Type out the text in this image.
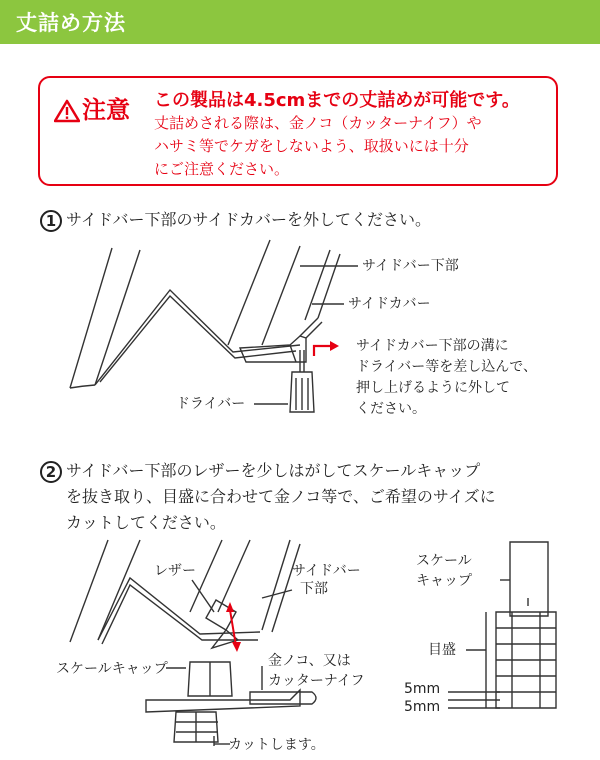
丈詰め方法
注意 この製品は4.5cmまでの丈詰めが可能です。
丈詰めされる際は、金ノコ（カッターナイフ）や
ハサミ等でケガをしないよう、取扱いには十分
にご注意ください。
1 サイドバー下部のサイドカバーを外してください。
サイドバー下部
サイドカバー
ドライバー
サイドカバー下部の溝に
ドライバー等を差し込んで、
押し上げるように外して
ください。
2 サイドバー下部のレザーを少しはがしてスケールキャップ
を抜き取り、目盛に合わせて金ノコ等で、ご希望のサイズに
カットしてください。
レザー	サイドバー
下部
スケールキャップ	金ノコ、又は
カッターナイフ
カットします。
スケール
キャップ
目盛
5mm
5mm
